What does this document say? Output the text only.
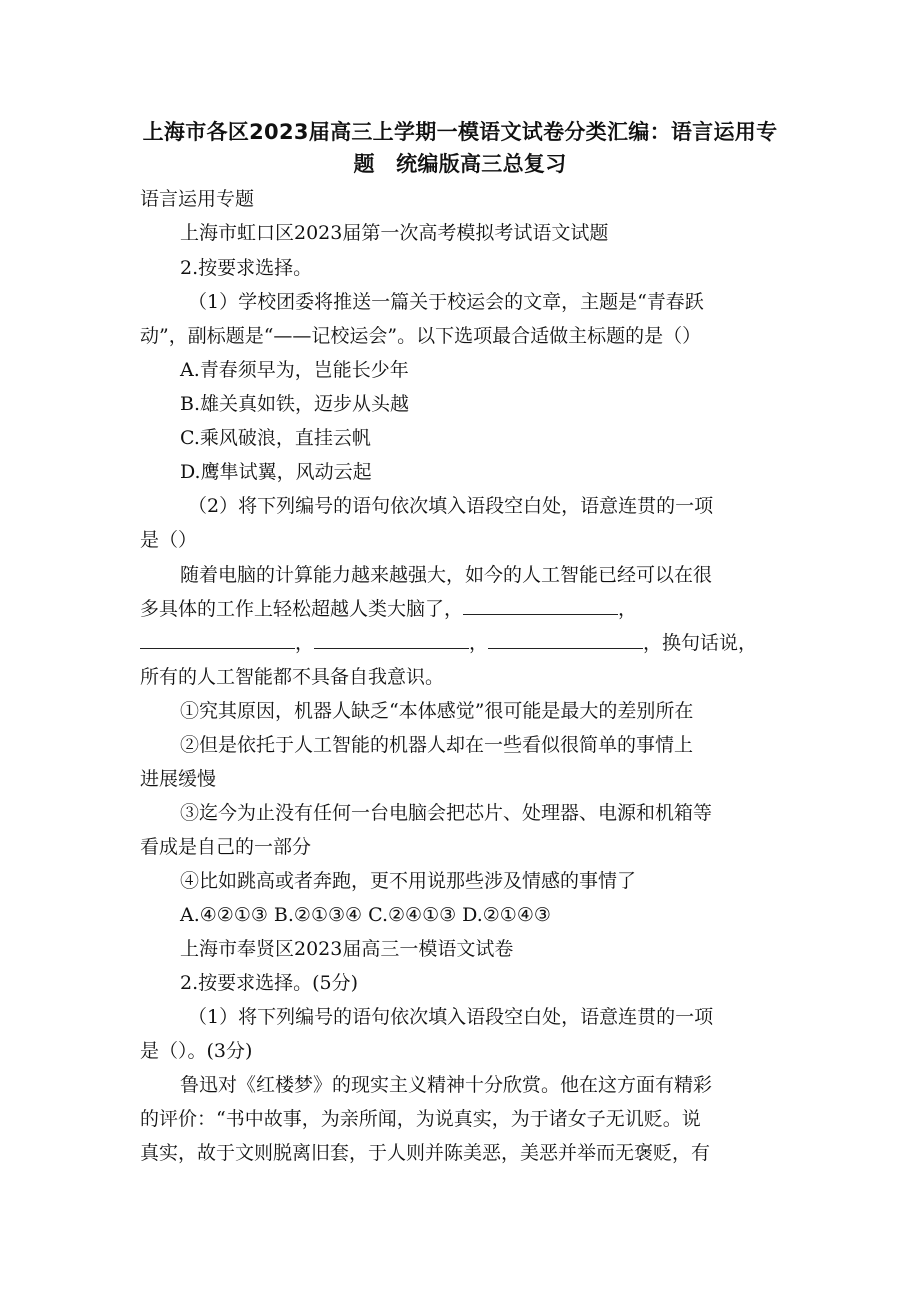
上海市各区2023届高三上学期一模语文试卷分类汇编：语言运用专
题　统编版高三总复习
语言运用专题
上海市虹口区2023届第一次高考模拟考试语文试题
2.按要求选择。
（1）学校团委将推送一篇关于校运会的文章，主题是“青春跃
动”，副标题是“——记校运会”。以下选项最合适做主标题的是（）
A.青春须早为，岂能长少年
B.雄关真如铁，迈步从头越
C.乘风破浪，直挂云帆
D.鹰隼试翼，风动云起
（2）将下列编号的语句依次填入语段空白处，语意连贯的一项
是（）
随着电脑的计算能力越来越强大，如今的人工智能已经可以在很
多具体的工作上轻松超越人类大脑了，	，
，	，	，换句话说，
所有的人工智能都不具备自我意识。
①究其原因，机器人缺乏“本体感觉”很可能是最大的差别所在
②但是依托于人工智能的机器人却在一些看似很简单的事情上
进展缓慢
③迄今为止没有任何一台电脑会把芯片、处理器、电源和机箱等
看成是自己的一部分
④比如跳高或者奔跑，更不用说那些涉及情感的事情了
A.④②①③ B.②①③④ C.②④①③ D.②①④③
上海市奉贤区2023届高三一模语文试卷
2.按要求选择。(5分)
（1）将下列编号的语句依次填入语段空白处，语意连贯的一项
是（）。(3分)
鲁迅对《红楼梦》的现实主义精神十分欣赏。他在这方面有精彩
的评价：“书中故事，为亲所闻，为说真实，为于诸女子无讥贬。说
真实，故于文则脱离旧套，于人则并陈美恶，美恶并举而无褒贬，有
